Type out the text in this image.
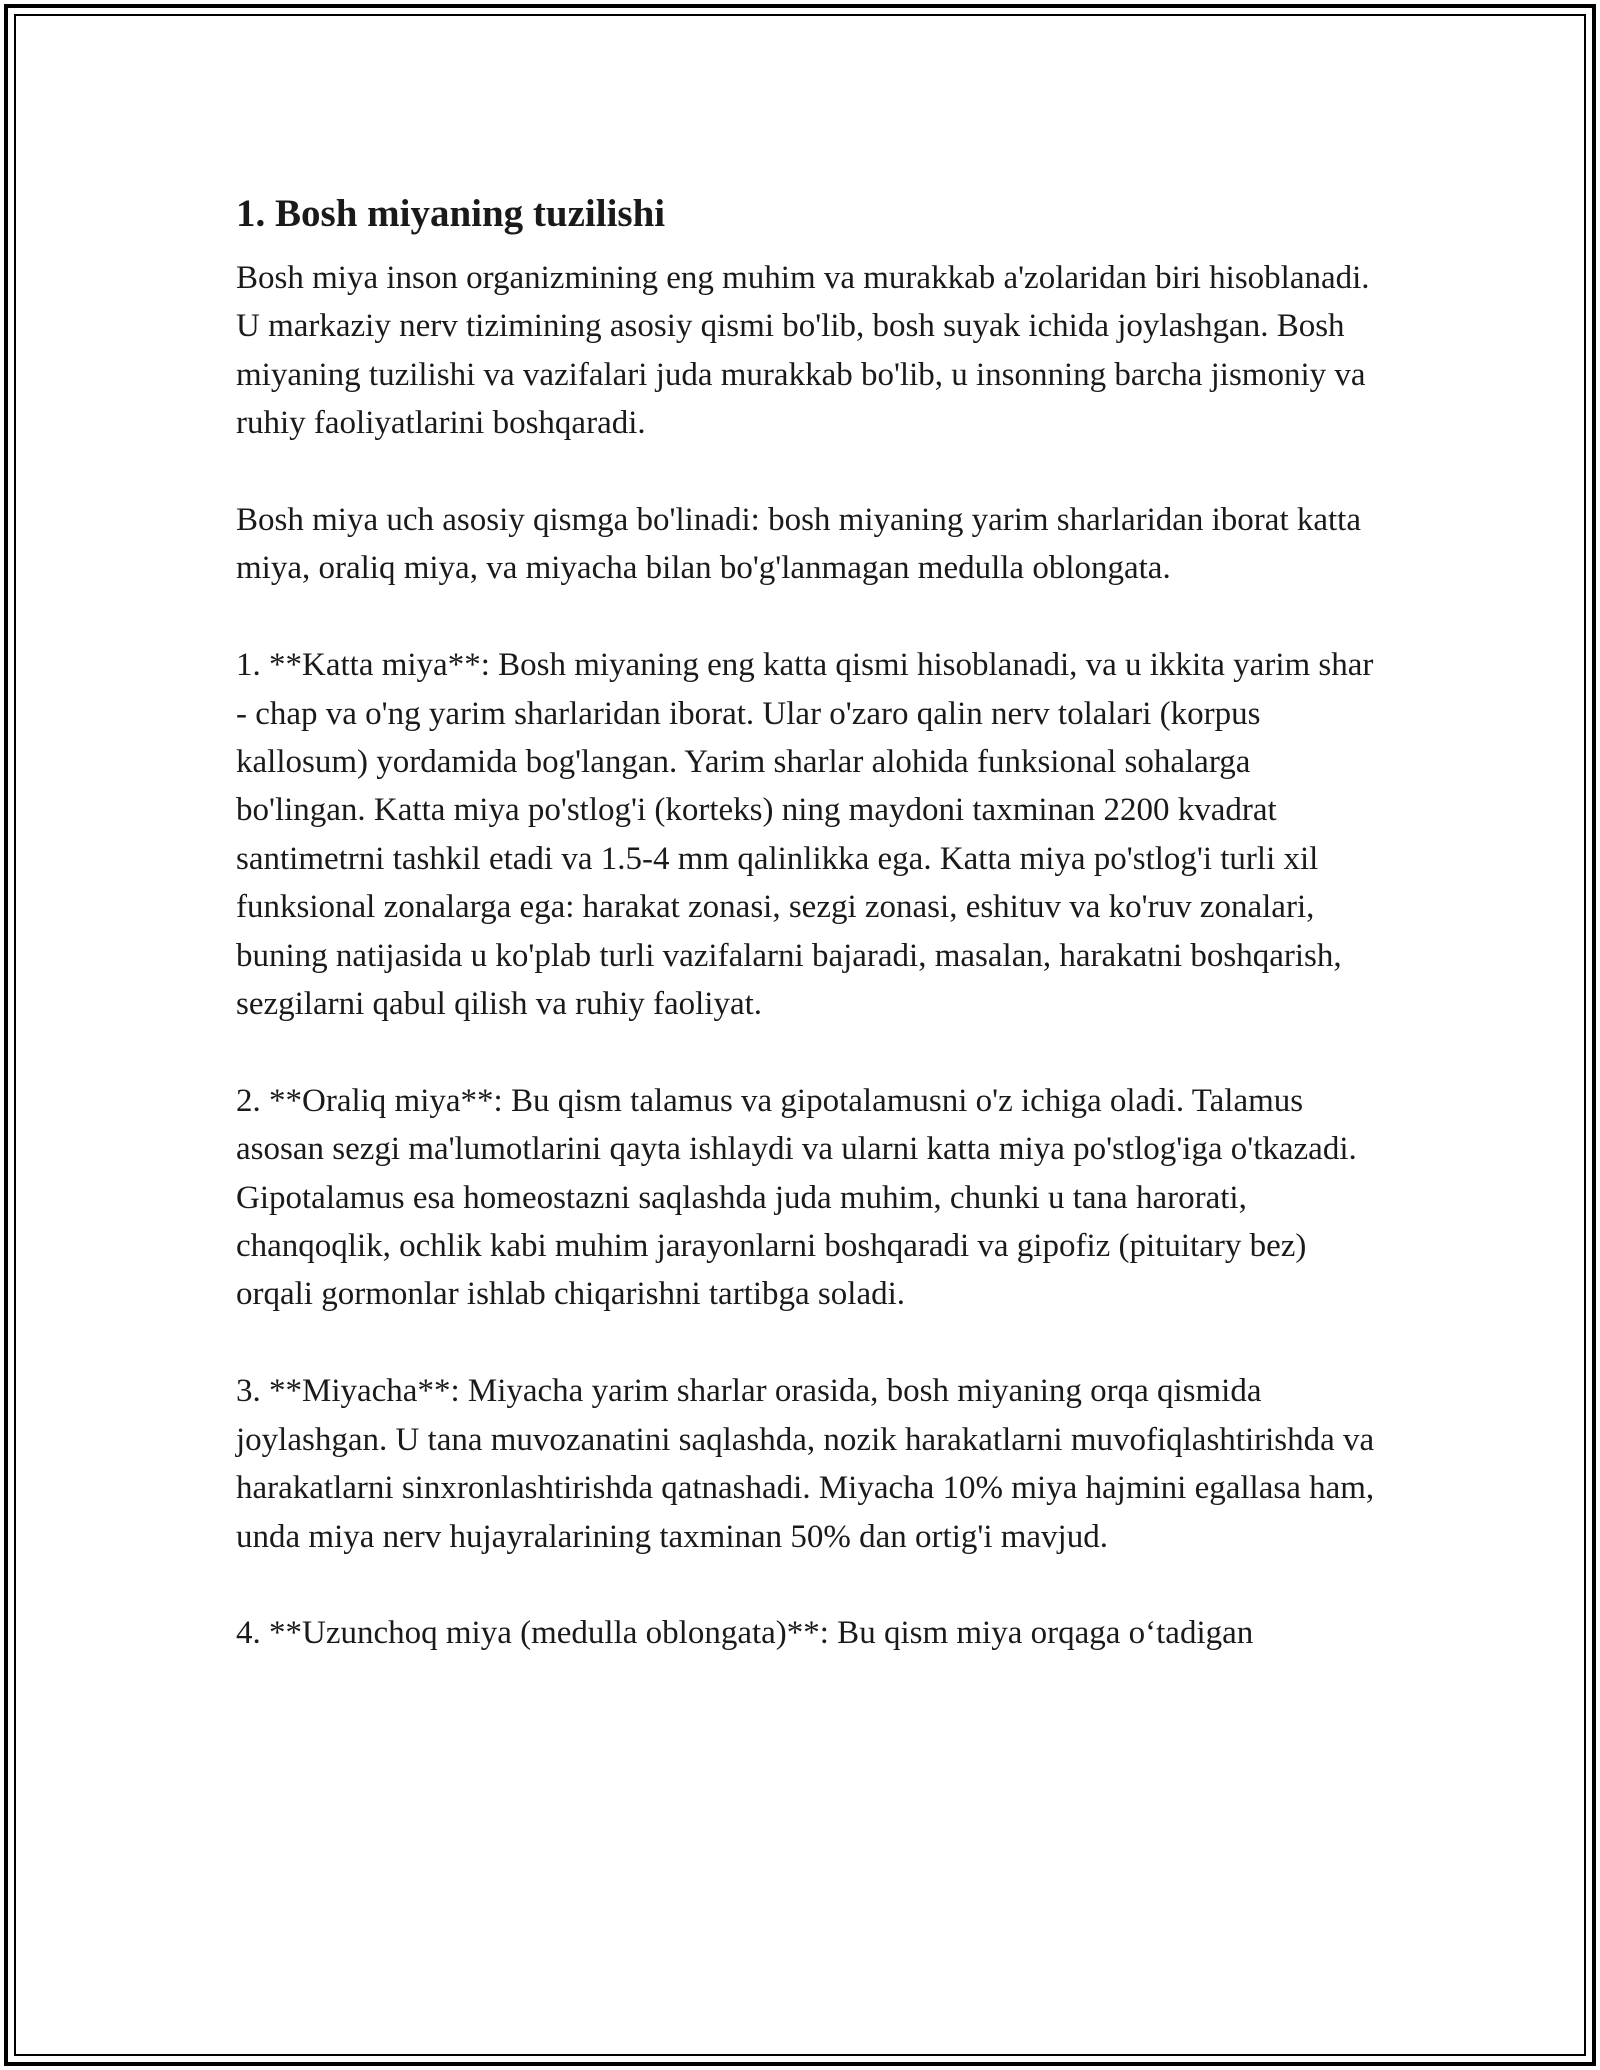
1. Bosh miyaning tuzilishi

Bosh miya inson organizmining eng muhim va murakkab a'zolaridan biri hisoblanadi. U markaziy nerv tizimining asosiy qismi bo'lib, bosh suyak ichida joylashgan. Bosh miyaning tuzilishi va vazifalari juda murakkab bo'lib, u insonning barcha jismoniy va ruhiy faoliyatlarini boshqaradi.

Bosh miya uch asosiy qismga bo'linadi: bosh miyaning yarim sharlaridan iborat katta miya, oraliq miya, va miyacha bilan bo'g'lanmagan medulla oblongata.

1. **Katta miya**: Bosh miyaning eng katta qismi hisoblanadi, va u ikkita yarim shar - chap va o'ng yarim sharlaridan iborat. Ular o'zaro qalin nerv tolalari (korpus kallosum) yordamida bog'langan. Yarim sharlar alohida funksional sohalarga bo'lingan. Katta miya po'stlog'i (korteks) ning maydoni taxminan 2200 kvadrat santimetrni tashkil etadi va 1.5-4 mm qalinlikka ega. Katta miya po'stlog'i turli xil funksional zonalarga ega: harakat zonasi, sezgi zonasi, eshituv va ko'ruv zonalari, buning natijasida u ko'plab turli vazifalarni bajaradi, masalan, harakatni boshqarish, sezgilarni qabul qilish va ruhiy faoliyat.

2. **Oraliq miya**: Bu qism talamus va gipotalamusni o'z ichiga oladi. Talamus asosan sezgi ma'lumotlarini qayta ishlaydi va ularni katta miya po'stlog'iga o'tkazadi. Gipotalamus esa homeostazni saqlashda juda muhim, chunki u tana harorati, chanqoqlik, ochlik kabi muhim jarayonlarni boshqaradi va gipofiz (pituitary bez) orqali gormonlar ishlab chiqarishni tartibga soladi.

3. **Miyacha**: Miyacha yarim sharlar orasida, bosh miyaning orqa qismida joylashgan. U tana muvozanatini saqlashda, nozik harakatlarni muvofiqlashtirishda va harakatlarni sinxronlashtirishda qatnashadi. Miyacha 10% miya hajmini egallasa ham, unda miya nerv hujayralarining taxminan 50% dan ortig'i mavjud.

4. **Uzunchoq miya (medulla oblongata)**: Bu qism miya orqaga o‘tadigan
